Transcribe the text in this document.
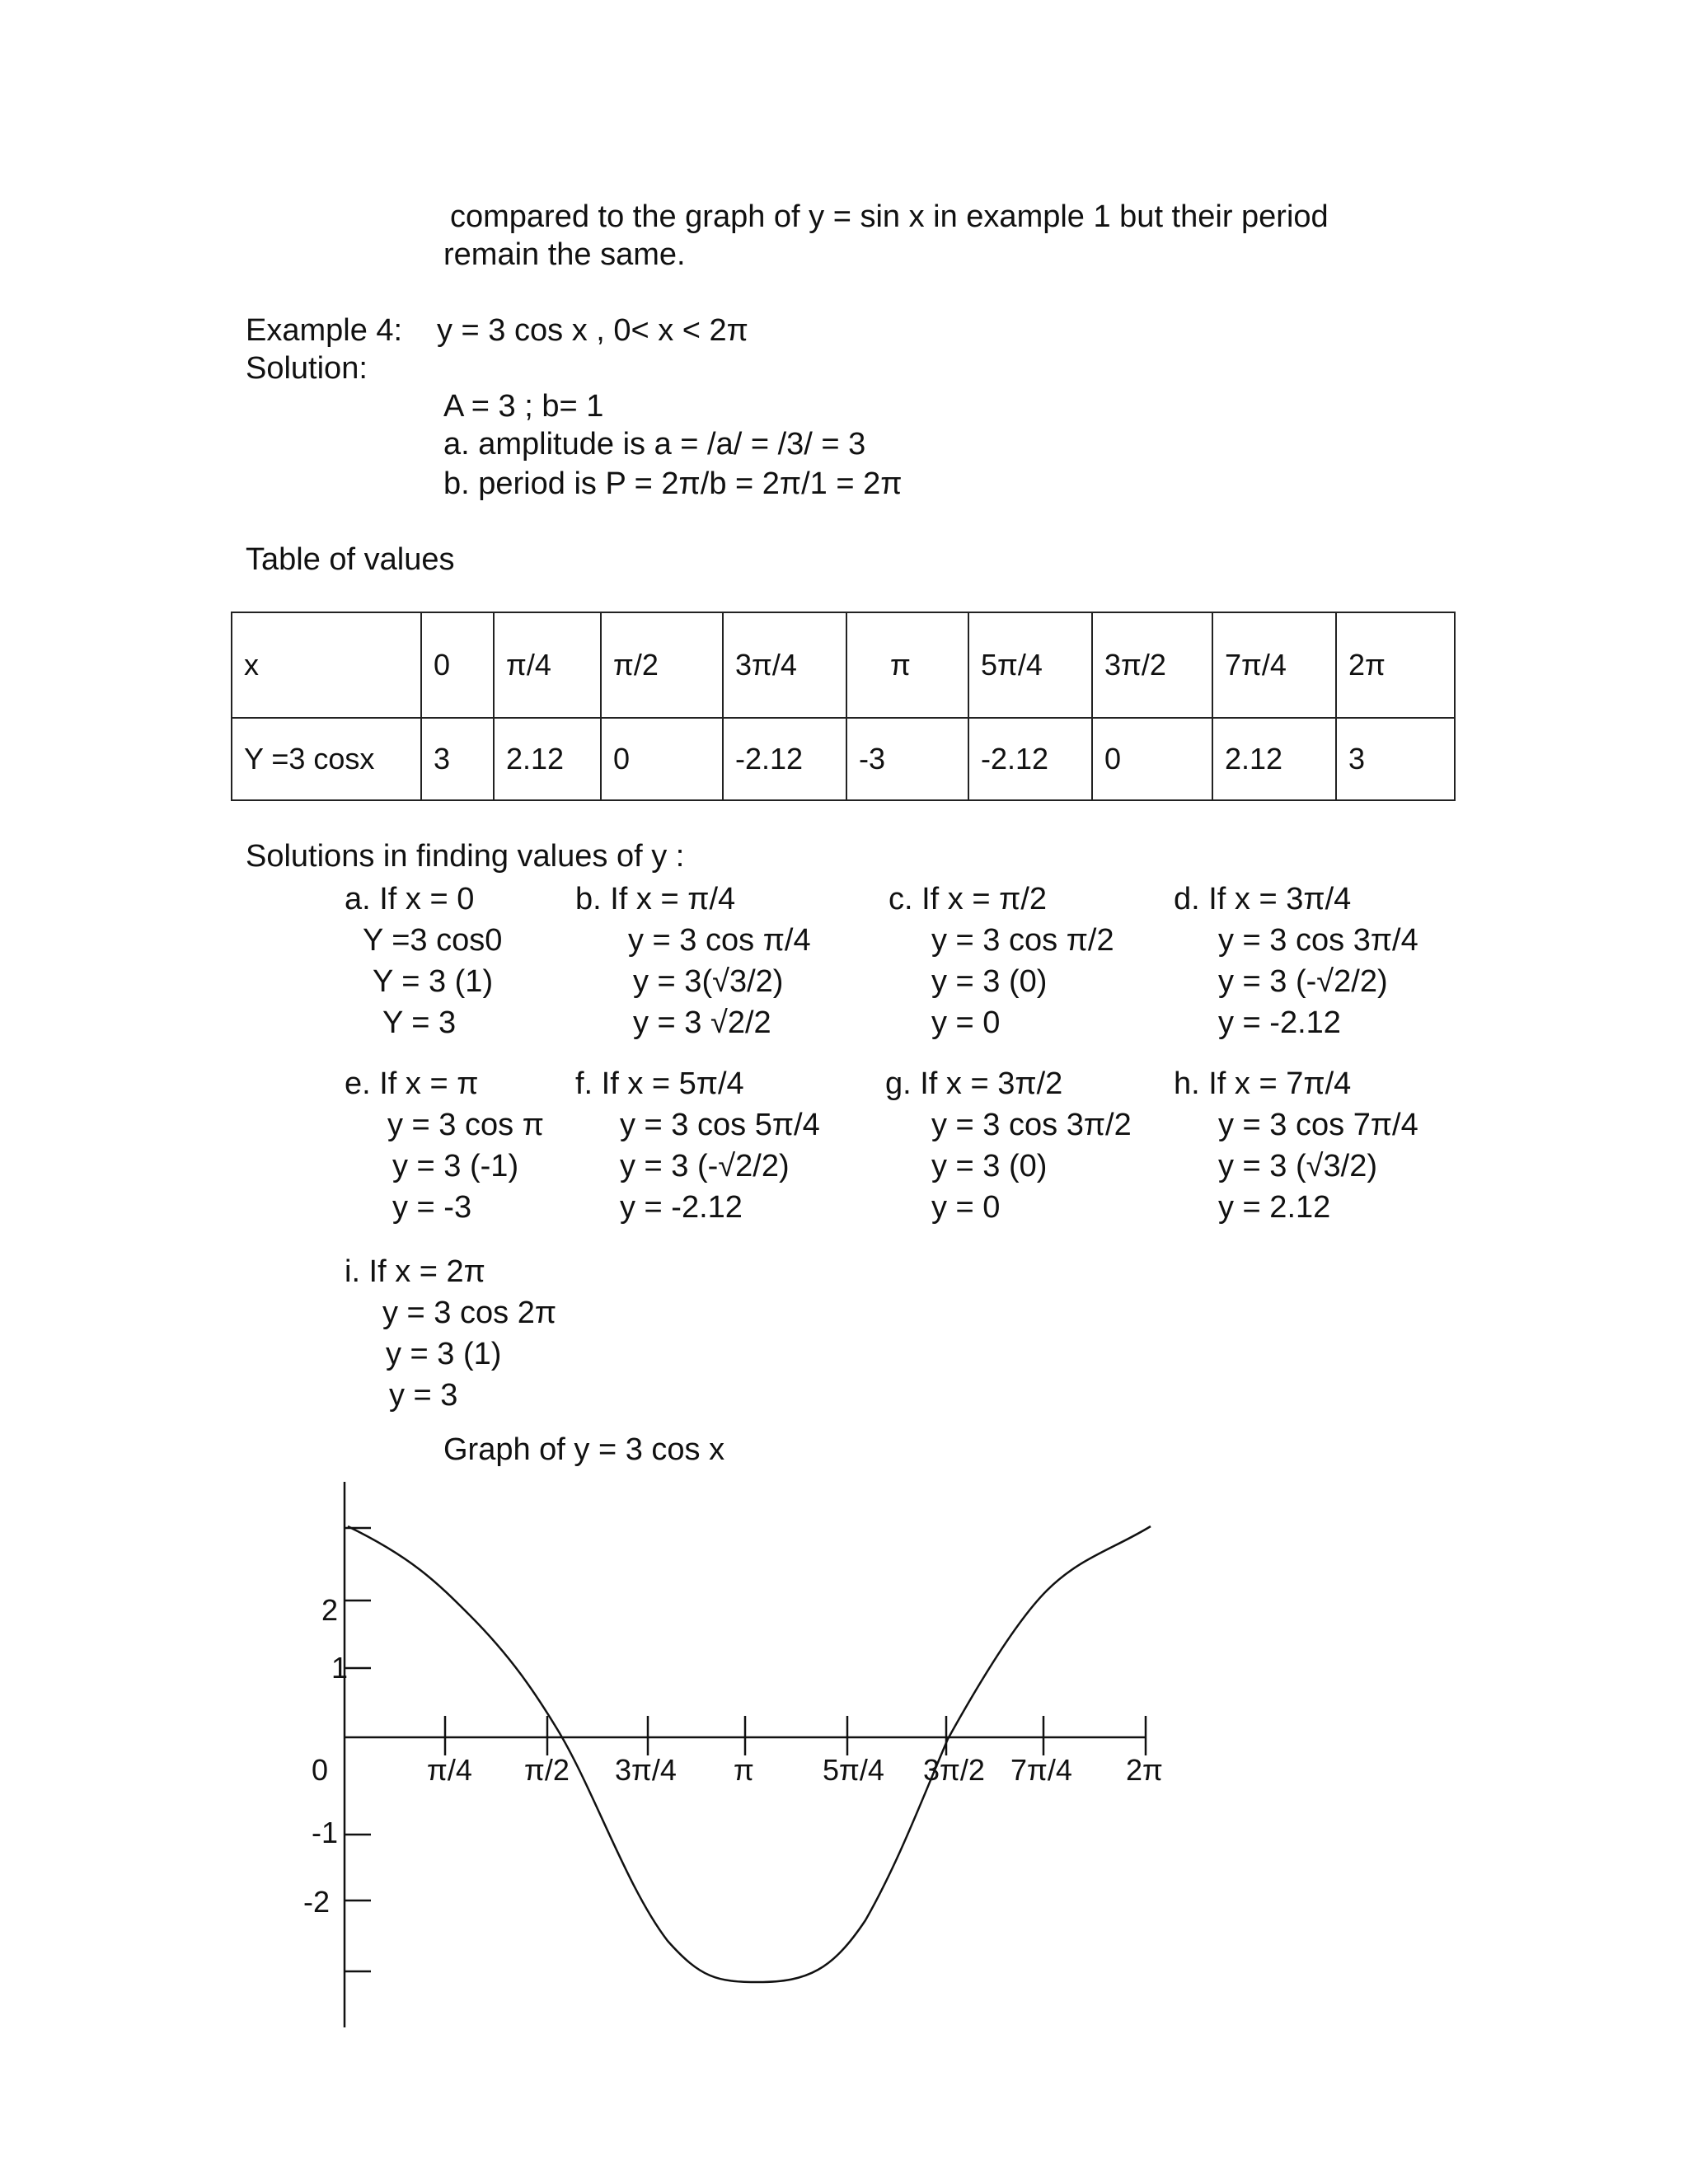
compared to the graph of y = sin x in example 1 but their period
remain the same.
Example 4: y = 3 cos x , 0< x < 2π
Solution:
A = 3 ; b= 1
a. amplitude is a = /a/ = /3/ = 3
b. period is P = 2π/b = 2π/1 = 2π
Table of values
x	0	π/4	π/2	3π/4	π	5π/4	3π/2	7π/4	2π
Y =3 cosx	3	2.12	0	-2.12	-3	-2.12	0	2.12	3
Solutions in finding values of y :
a. If x = 0
Y =3 cos0
Y = 3 (1)
Y = 3
b. If x = π/4
y = 3 cos π/4
y = 3(√3/2)
y = 3 √2/2
c. If x = π/2
y = 3 cos π/2
y = 3 (0)
y = 0
d. If x = 3π/4
y = 3 cos 3π/4
y = 3 (-√2/2)
y = -2.12
e. If x = π
y = 3 cos π
y = 3 (-1)
y = -3
f. If x = 5π/4
y = 3 cos 5π/4
y = 3 (-√2/2)
y = -2.12
g. If x = 3π/2
y = 3 cos 3π/2
y = 3 (0)
y = 0
h. If x = 7π/4
y = 3 cos 7π/4
y = 3 (√3/2)
y = 2.12
i. If x = 2π
y = 3 cos 2π
y = 3 (1)
y = 3
Graph of y = 3 cos x
2
1
0
-1
-2
π/4 π/2 3π/4 π 5π/4 3π/2 7π/4 2π
